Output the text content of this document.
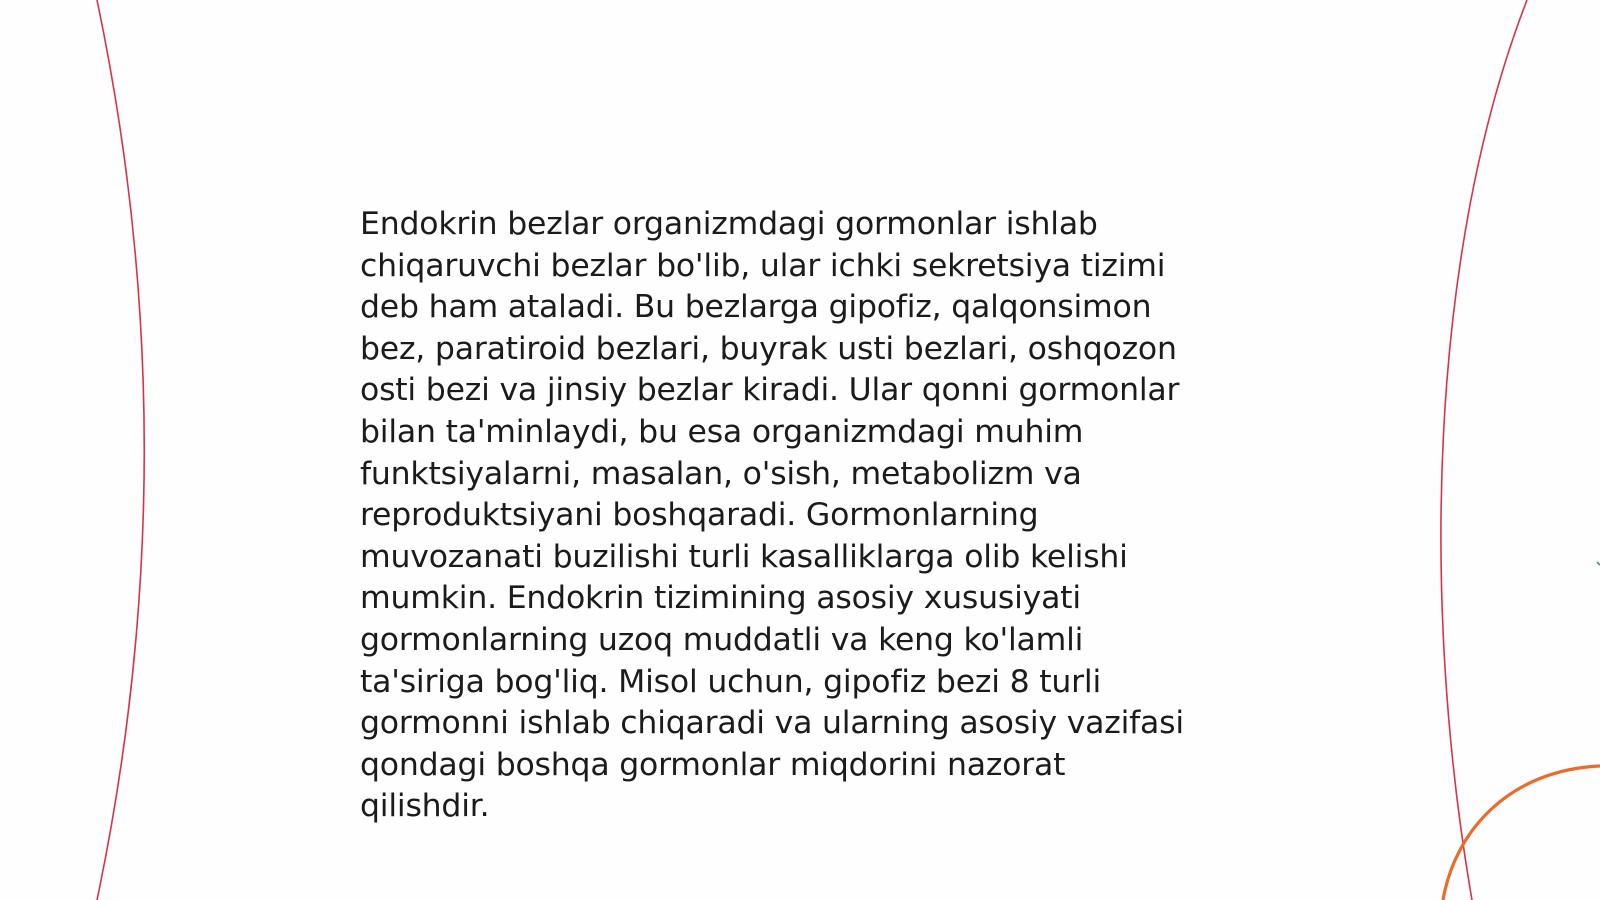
Endokrin bezlar organizmdagi gormonlar ishlab
chiqaruvchi bezlar bo'lib, ular ichki sekretsiya tizimi
deb ham ataladi. Bu bezlarga gipofiz, qalqonsimon
bez, paratiroid bezlari, buyrak usti bezlari, oshqozon
osti bezi va jinsiy bezlar kiradi. Ular qonni gormonlar
bilan ta'minlaydi, bu esa organizmdagi muhim
funktsiyalarni, masalan, o'sish, metabolizm va
reproduktsiyani boshqaradi. Gormonlarning
muvozanati buzilishi turli kasalliklarga olib kelishi
mumkin. Endokrin tizimining asosiy xususiyati
gormonlarning uzoq muddatli va keng ko'lamli
ta'siriga bog'liq. Misol uchun, gipofiz bezi 8 turli
gormonni ishlab chiqaradi va ularning asosiy vazifasi
qondagi boshqa gormonlar miqdorini nazorat
qilishdir.
